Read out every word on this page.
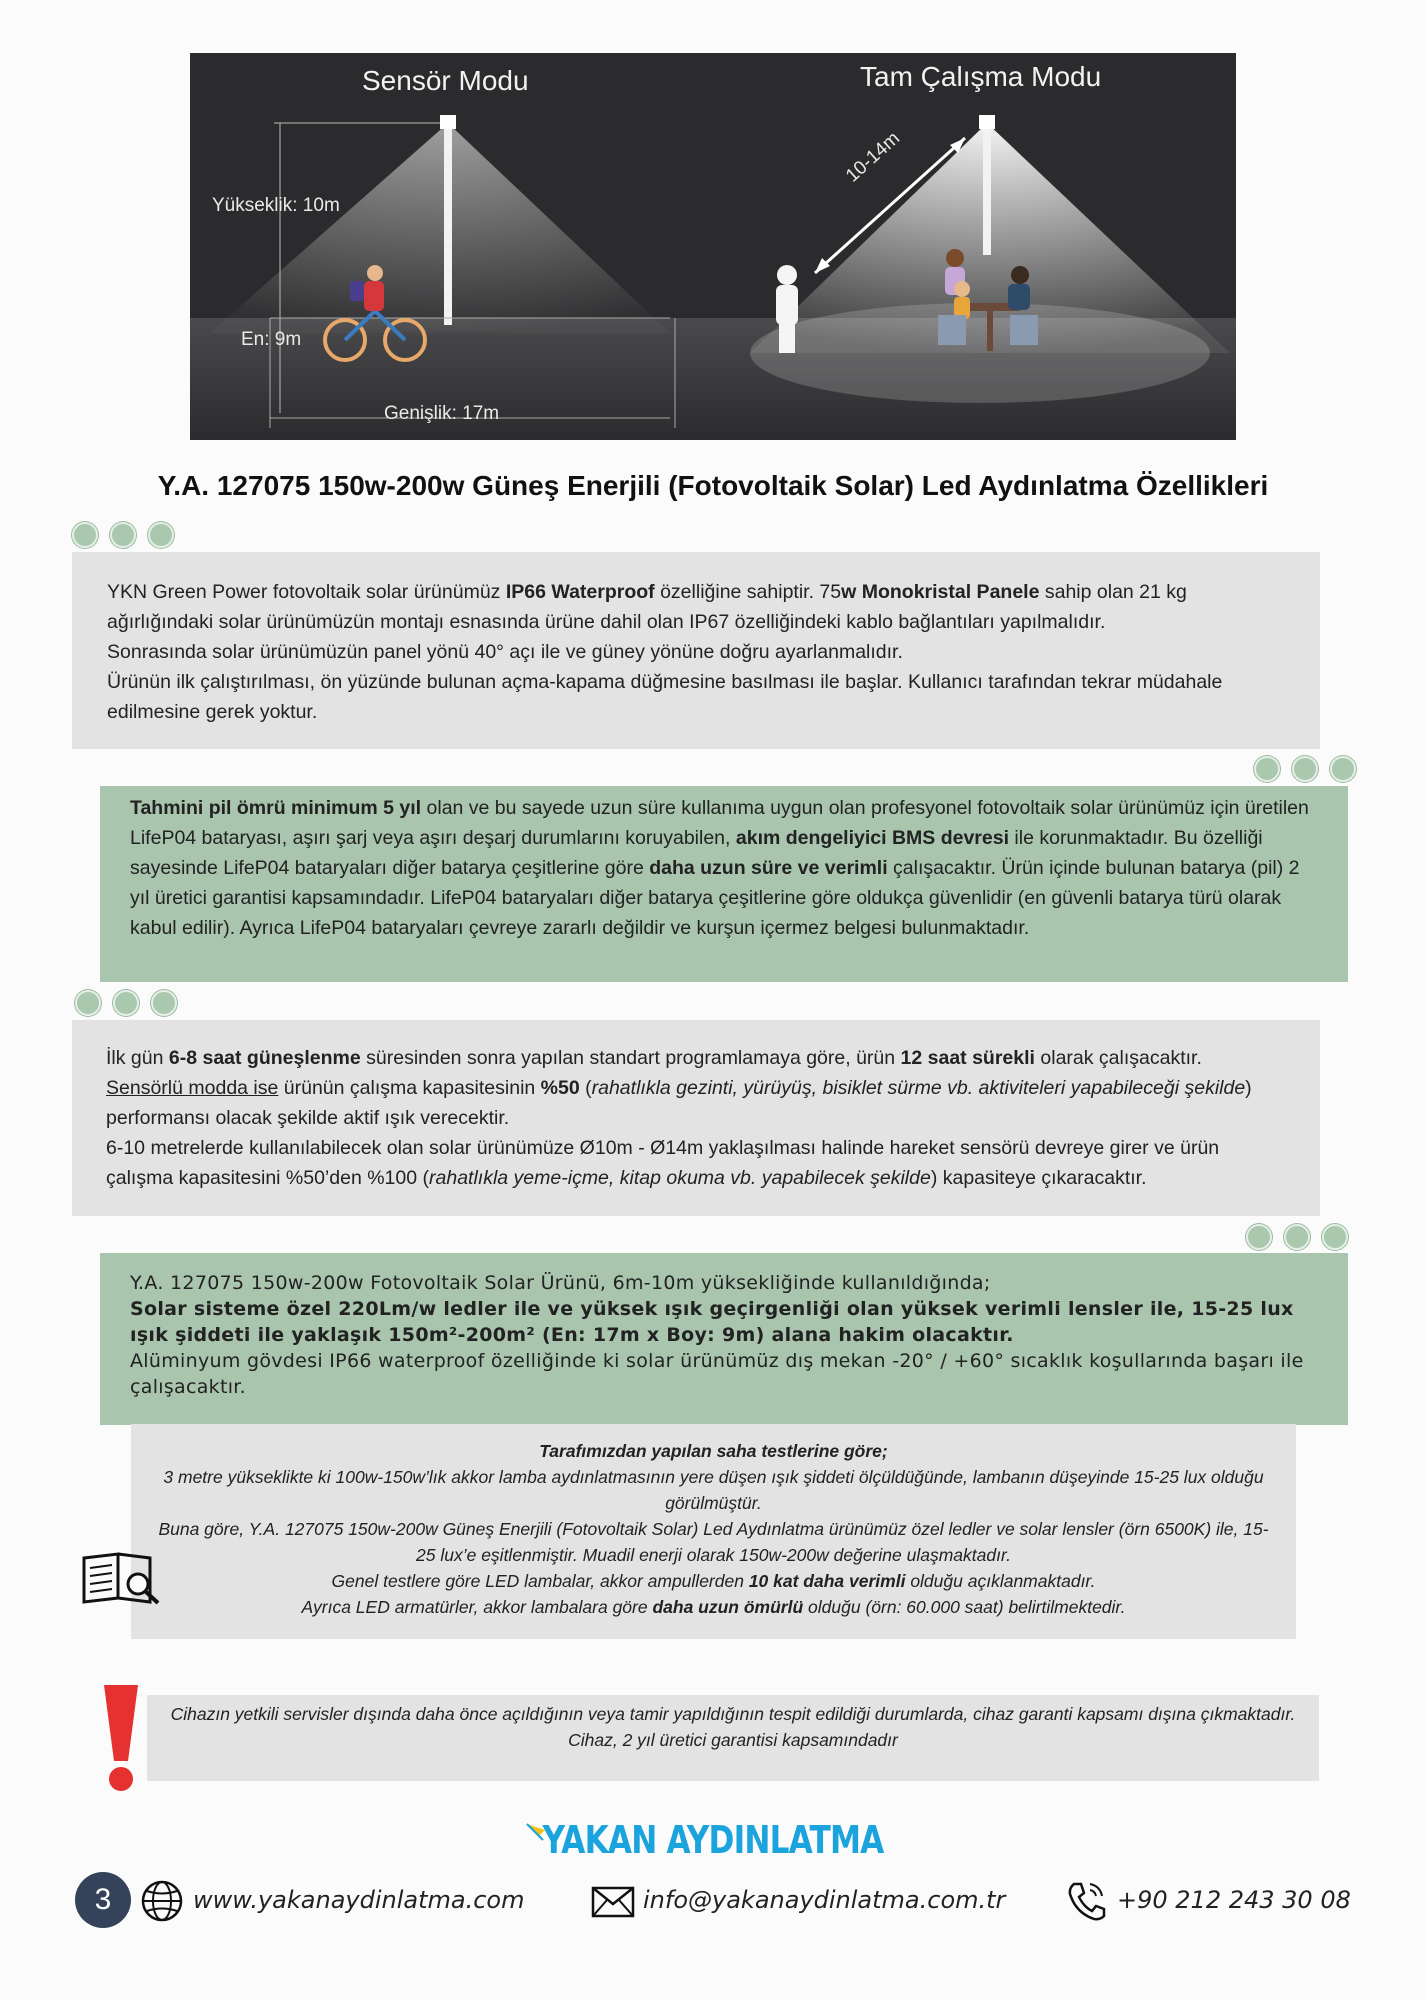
Sensör Modu	Tam Çalışma Modu
Yükseklik: 10m
En: 9m
Genişlik: 17m
10-14m
Y.A. 127075 150w-200w Güneş Enerjili (Fotovoltaik Solar) Led Aydınlatma Özellikleri

YKN Green Power fotovoltaik solar ürünümüz IP66 Waterproof özelliğine sahiptir. 75w Monokristal Panele sahip olan 21 kg ağırlığındaki solar ürünümüzün montajı esnasında ürüne dahil olan IP67 özelliğindeki kablo bağlantıları yapılmalıdır.

Sonrasında solar ürünümüzün panel yönü 40° açı ile ve güney yönüne doğru ayarlanmalıdır.

Ürünün ilk çalıştırılması, ön yüzünde bulunan açma-kapama düğmesine basılması ile başlar. Kullanıcı tarafından tekrar müdahale edilmesine gerek yoktur.

Tahmini pil ömrü minimum 5 yıl olan ve bu sayede uzun süre kullanıma uygun olan profesyonel fotovoltaik solar ürünümüz için üretilen LifeP04 bataryası, aşırı şarj veya aşırı deşarj durumlarını koruyabilen, akım dengeliyici BMS devresi ile korunmaktadır. Bu özelliği sayesinde LifeP04 bataryaları diğer batarya çeşitlerine göre daha uzun süre ve verimli çalışacaktır. Ürün içinde bulunan batarya (pil) 2 yıl üretici garantisi kapsamındadır. LifeP04 bataryaları diğer batarya çeşitlerine göre oldukça güvenlidir (en güvenli batarya türü olarak kabul edilir). Ayrıca LifeP04 bataryaları çevreye zararlı değildir ve kurşun içermez belgesi bulunmaktadır.

İlk gün 6-8 saat güneşlenme süresinden sonra yapılan standart programlamaya göre, ürün 12 saat sürekli olarak çalışacaktır.

Sensörlü modda ise ürünün çalışma kapasitesinin %50 (rahatlıkla gezinti, yürüyüş, bisiklet sürme vb. aktiviteleri yapabileceği şekilde) performansı olacak şekilde aktif ışık verecektir.

6-10 metrelerde kullanılabilecek olan solar ürünümüze Ø10m - Ø14m yaklaşılması halinde hareket sensörü devreye girer ve ürün çalışma kapasitesini %50’den %100 (rahatlıkla yeme-içme, kitap okuma vb. yapabilecek şekilde) kapasiteye çıkaracaktır.

Y.A. 127075 150w-200w Fotovoltaik Solar Ürünü, 6m-10m yüksekliğinde kullanıldığında;

Solar sisteme özel 220Lm/w ledler ile ve yüksek ışık geçirgenliği olan yüksek verimli lensler ile, 15-25 lux ışık şiddeti ile yaklaşık 150m²-200m² (En: 17m x Boy: 9m) alana hakim olacaktır.

Alüminyum gövdesi IP66 waterproof özelliğinde ki solar ürünümüz dış mekan -20° / +60° sıcaklık koşullarında başarı ile çalışacaktır.

Tarafımızdan yapılan saha testlerine göre;

3 metre yükseklikte ki 100w-150w’lık akkor lamba aydınlatmasının yere düşen ışık şiddeti ölçüldüğünde, lambanın düşeyinde 15-25 lux olduğu görülmüştür.

Buna göre, Y.A. 127075 150w-200w Güneş Enerjili (Fotovoltaik Solar) Led Aydınlatma ürünümüz özel ledler ve solar lensler (örn 6500K) ile, 15-25 lux’e eşitlenmiştir. Muadil enerji olarak 150w-200w değerine ulaşmaktadır.

Genel testlere göre LED lambalar, akkor ampullerden 10 kat daha verimli olduğu açıklanmaktadır.

Ayrıca LED armatürler, akkor lambalara göre daha uzun ömürlü olduğu (örn: 60.000 saat) belirtilmektedir.

Cihazın yetkili servisler dışında daha önce açıldığının veya tamir yapıldığının tespit edildiği durumlarda, cihaz garanti kapsamı dışına çıkmaktadır.

Cihaz, 2 yıl üretici garantisi kapsamındadır

YAKAN AYDINLATMA
3	www.yakanaydinlatma.com	info@yakanaydinlatma.com.tr	+90 212 243 30 08
